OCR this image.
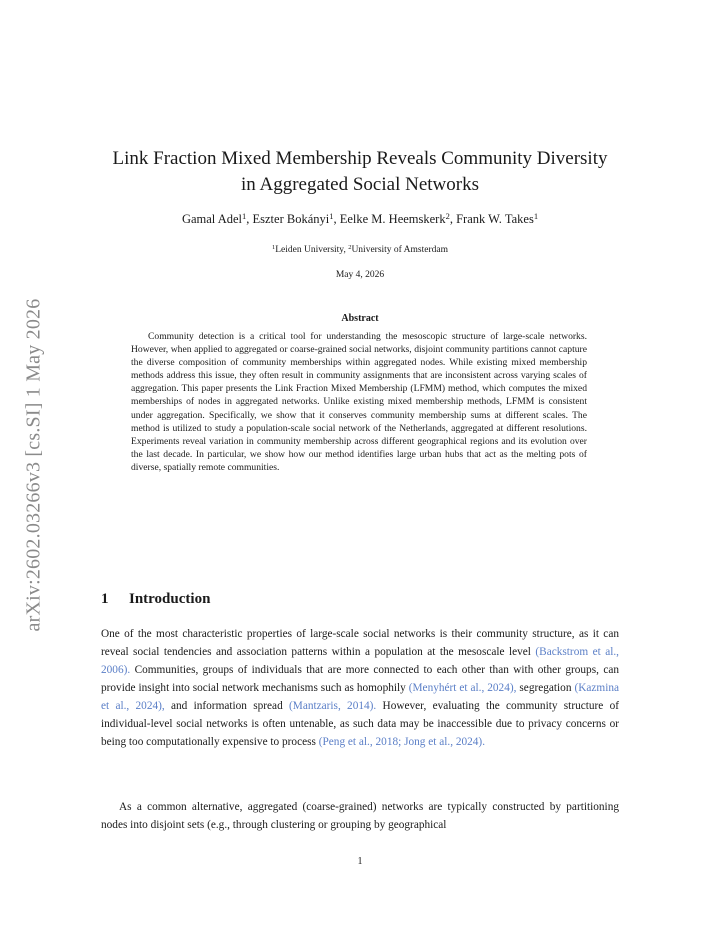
arXiv:2602.03266v3 [cs.SI] 1 May 2026
Link Fraction Mixed Membership Reveals Community Diversity
in Aggregated Social Networks
Gamal Adel$^1$, Eszter Bokányi$^1$, Eelke M. Heemskerk$^2$, Frank W. Takes$^1$
$^1$Leiden University, $^2$University of Amsterdam
May 4, 2026
Abstract

Community detection is a critical tool for understanding the mesoscopic structure of large-scale networks. However, when applied to aggregated or coarse-grained social networks, disjoint community partitions cannot capture the diverse composition of community memberships within aggregated nodes. While existing mixed membership methods address this issue, they often result in community assignments that are inconsistent across varying scales of aggregation. This paper presents the Link Fraction Mixed Membership (LFMM) method, which computes the mixed memberships of nodes in aggregated networks. Unlike existing mixed membership methods, LFMM is consistent under aggregation. Specifically, we show that it conserves community membership sums at different scales. The method is utilized to study a population-scale social network of the Netherlands, aggregated at different resolutions. Experiments reveal variation in community membership across different geographical regions and its evolution over the last decade. In particular, we show how our method identifies large urban hubs that act as the melting pots of diverse, spatially remote communities.

1 Introduction

One of the most characteristic properties of large-scale social networks is their community structure, as it can reveal social tendencies and association patterns within a population at the mesoscale level (Backstrom et al., 2006). Communities, groups of individuals that are more connected to each other than with other groups, can provide insight into social network mechanisms such as homophily (Menyhért et al., 2024), segregation (Kazmina et al., 2024), and information spread (Mantzaris, 2014). However, evaluating the community structure of individual-level social networks is often untenable, as such data may be inaccessible due to privacy concerns or being too computationally expensive to process (Peng et al., 2018; Jong et al., 2024).

As a common alternative, aggregated (coarse-grained) networks are typically constructed by partitioning nodes into disjoint sets (e.g., through clustering or grouping by geographical

1
